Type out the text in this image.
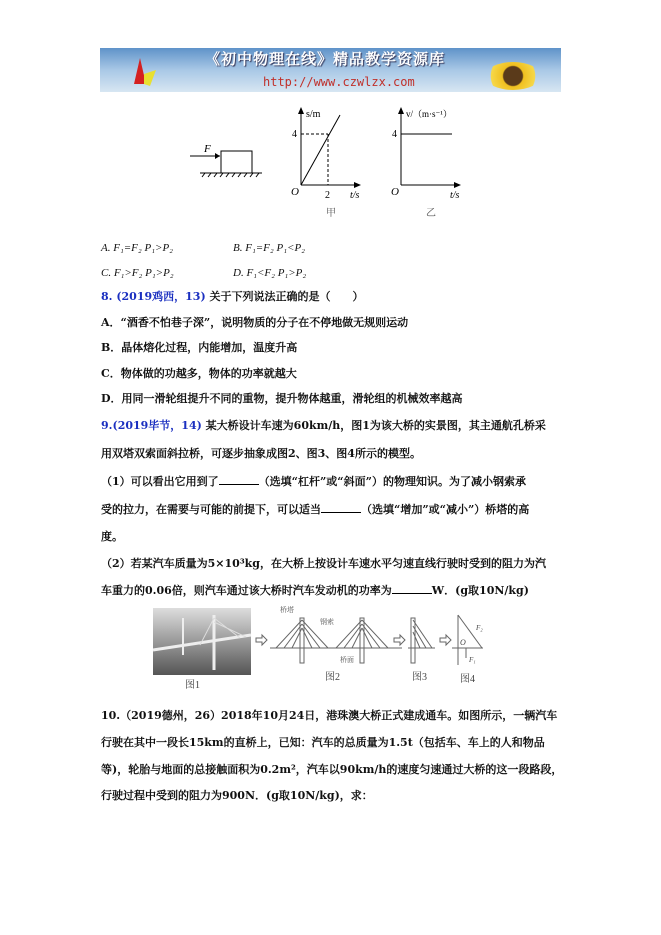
《初中物理在线》精品教学资源库
http://www.czwlzx.com
F
s/m
4
O	2 t/s
甲
v/（m·s⁻¹）
4
O	t/s
乙
A. F₁=F₂ P₁>P₂	B. F₁=F₂ P₁<P₂
C. F₁>F₂ P₁>P₂	D. F₁<F₂ P₁>P₂
8. (2019鸡西，13) 关于下列说法正确的是（　　）
A．“酒香不怕巷子深”，说明物质的分子在不停地做无规则运动
B．晶体熔化过程，内能增加，温度升高
C．物体做的功越多，物体的功率就越大
D．用同一滑轮组提升不同的重物，提升物体越重，滑轮组的机械效率越高
9.(2019毕节，14) 某大桥设计车速为60km/h，图1为该大桥的实景图，其主通航孔桥采
用双塔双索面斜拉桥，可逐步抽象成图2、图3、图4所示的模型。
（1）可以看出它用到了	（选填“杠杆”或“斜面”）的物理知识。为了减小钢索承
受的拉力，在需要与可能的前提下，可以适当	（选填“增加”或“减小”）桥塔的高
度。
（2）若某汽车质量为5×10³kg，在大桥上按设计车速水平匀速直线行驶时受到的阻力为汽
车重力的0.06倍，则汽车通过该大桥时汽车发动机的功率为	W．(g取10N/kg)
图1
桥塔
钢索
桥面
图2	图3
O
F₂
F₁
图4
10.（2019德州，26）2018年10月24日，港珠澳大桥正式建成通车。如图所示，一辆汽车
行驶在其中一段长15km的直桥上，已知：汽车的总质量为1.5t（包括车、车上的人和物品
等)，轮胎与地面的总接触面积为0.2m²，汽车以90km/h的速度匀速通过大桥的这一段路段，
行驶过程中受到的阻力为900N．(g取10N/kg)，求：
